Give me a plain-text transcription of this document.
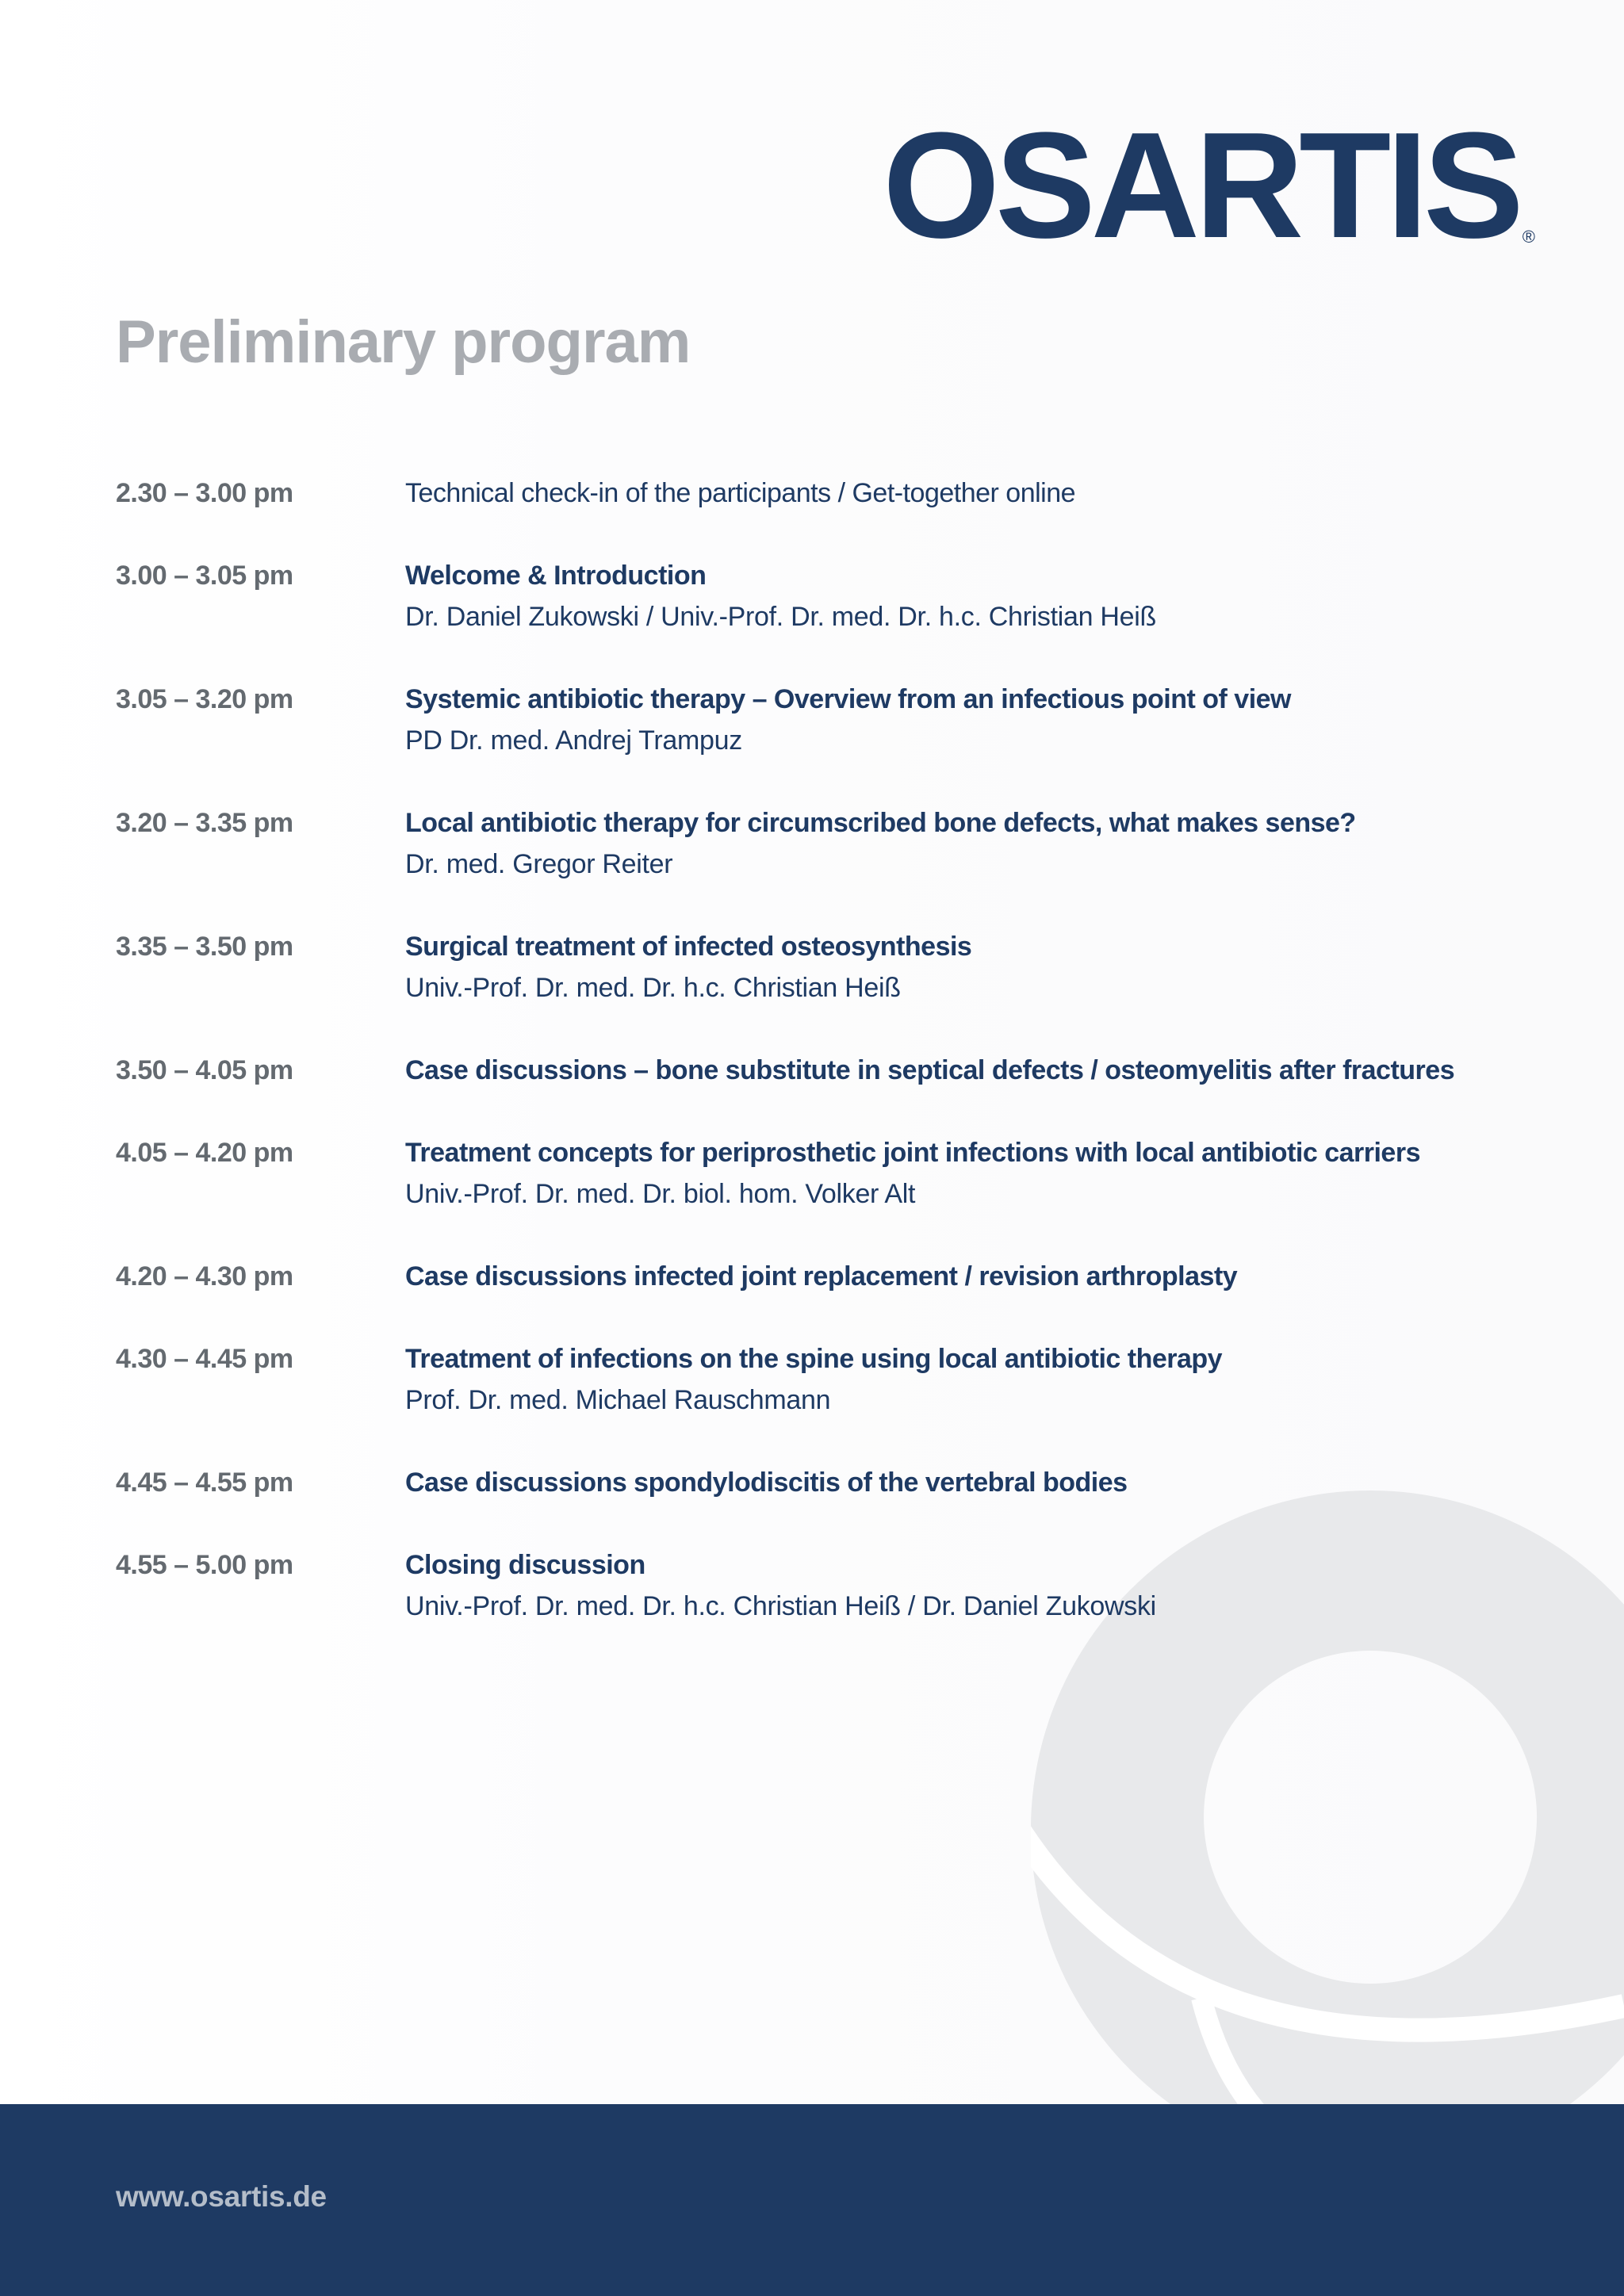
OSARTIS ®
Preliminary program
2.30 – 3.00 pm	Technical check-in of the participants / Get-together online
3.00 – 3.05 pm	Welcome & Introduction
Dr. Daniel Zukowski / Univ.-Prof. Dr. med. Dr. h.c. Christian Heiß
3.05 – 3.20 pm	Systemic antibiotic therapy – Overview from an infectious point of view
PD Dr. med. Andrej Trampuz
3.20 – 3.35 pm	Local antibiotic therapy for circumscribed bone defects, what makes sense?
Dr. med. Gregor Reiter
3.35 – 3.50 pm	Surgical treatment of infected osteosynthesis
Univ.-Prof. Dr. med. Dr. h.c. Christian Heiß
3.50 – 4.05 pm	Case discussions – bone substitute in septical defects / osteomyelitis after fractures
4.05 – 4.20 pm	Treatment concepts for periprosthetic joint infections with local antibiotic carriers
Univ.-Prof. Dr. med. Dr. biol. hom. Volker Alt
4.20 – 4.30 pm	Case discussions infected joint replacement / revision arthroplasty
4.30 – 4.45 pm	Treatment of infections on the spine using local antibiotic therapy
Prof. Dr. med. Michael Rauschmann
4.45 – 4.55 pm	Case discussions spondylodiscitis of the vertebral bodies
4.55 – 5.00 pm	Closing discussion
Univ.-Prof. Dr. med. Dr. h.c. Christian Heiß / Dr. Daniel Zukowski
www.osartis.de
